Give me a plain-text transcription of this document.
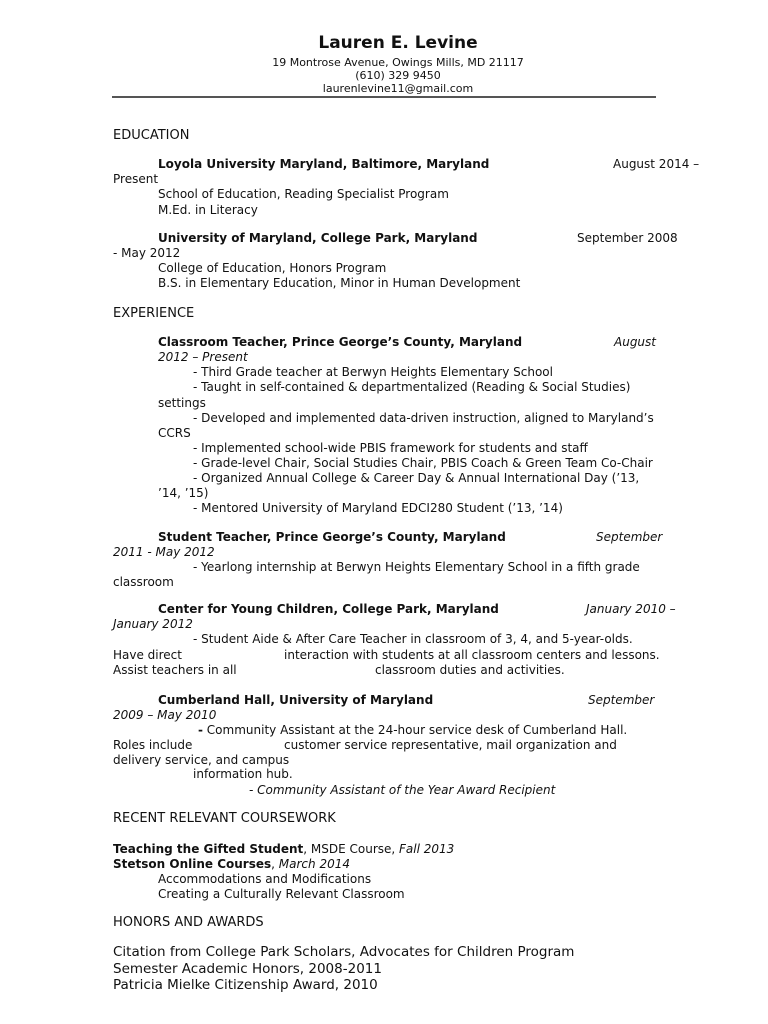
Lauren E. Levine
19 Montrose Avenue, Owings Mills, MD 21117
(610) 329 9450
laurenlevine11@gmail.com
EDUCATION
Loyola University Maryland, Baltimore, Maryland	August 2014 –
Present
School of Education, Reading Specialist Program
M.Ed. in Literacy
University of Maryland, College Park, Maryland	September 2008
- May 2012
College of Education, Honors Program
B.S. in Elementary Education, Minor in Human Development
EXPERIENCE
Classroom Teacher, Prince George’s County, Maryland	August
2012 – Present
- Third Grade teacher at Berwyn Heights Elementary School
- Taught in self-contained & departmentalized (Reading & Social Studies)
settings
- Developed and implemented data-driven instruction, aligned to Maryland’s
CCRS
- Implemented school-wide PBIS framework for students and staff
- Grade-level Chair, Social Studies Chair, PBIS Coach & Green Team Co-Chair
- Organized Annual College & Career Day & Annual International Day (’13,
’14, ’15)
- Mentored University of Maryland EDCI280 Student (’13, ’14)
Student Teacher, Prince George’s County, Maryland	September
2011 - May 2012
- Yearlong internship at Berwyn Heights Elementary School in a fifth grade
classroom
Center for Young Children, College Park, Maryland	January 2010 –
January 2012
- Student Aide & After Care Teacher in classroom of 3, 4, and 5-year-olds.
Have direct	interaction with students at all classroom centers and lessons.
Assist teachers in all	classroom duties and activities.
Cumberland Hall, University of Maryland	September
2009 – May 2010
- Community Assistant at the 24-hour service desk of Cumberland Hall.
Roles include	customer service representative, mail organization and
delivery service, and campus
information hub.
- Community Assistant of the Year Award Recipient
RECENT RELEVANT COURSEWORK
Teaching the Gifted Student, MSDE Course, Fall 2013
Stetson Online Courses, March 2014
Accommodations and Modifications
Creating a Culturally Relevant Classroom
HONORS AND AWARDS
Citation from College Park Scholars, Advocates for Children Program
Semester Academic Honors, 2008-2011
Patricia Mielke Citizenship Award, 2010
